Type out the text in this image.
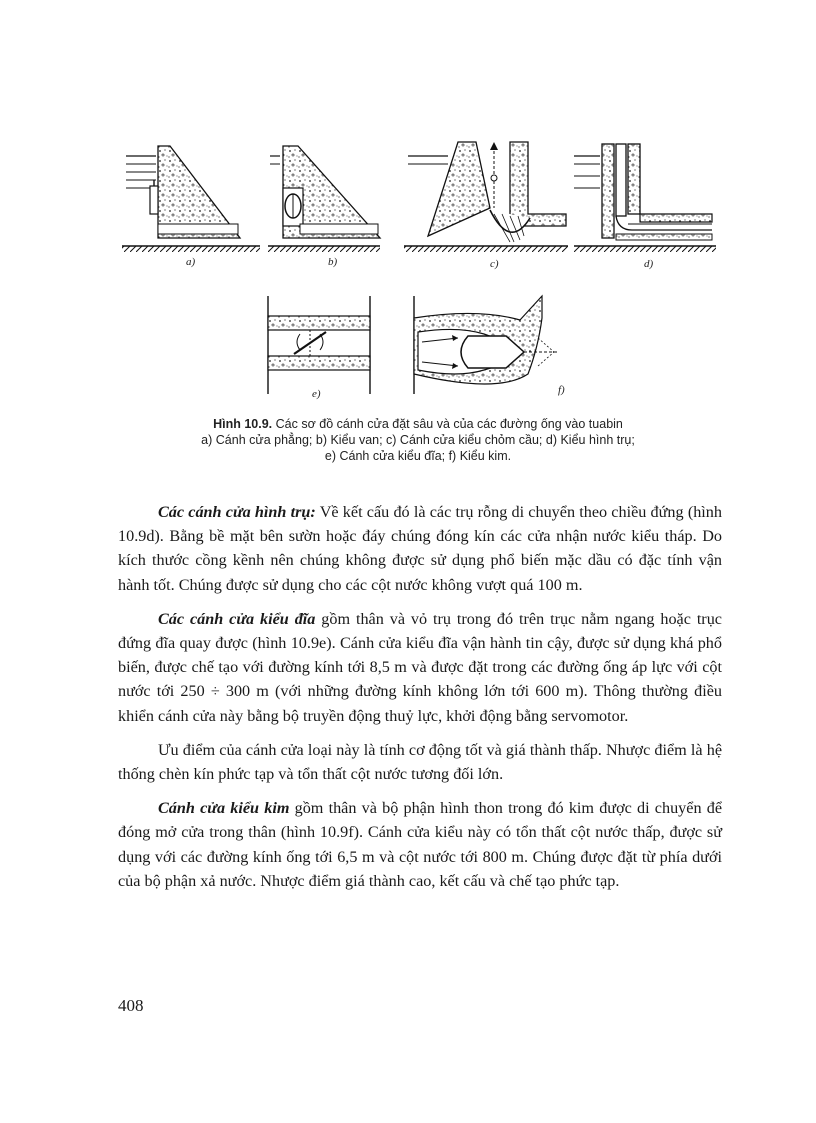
a)	b)	c)	d)
e)	f)
Hình 10.9. Các sơ đồ cánh cửa đặt sâu và của các đường ống vào tuabin
a) Cánh cửa phẳng; b) Kiểu van; c) Cánh cửa kiểu chỏm cầu; d) Kiểu hình trụ;
e) Cánh cửa kiểu đĩa; f) Kiểu kim.

Các cánh cửa hình trụ: Về kết cấu đó là các trụ rỗng di chuyển theo chiều đứng (hình 10.9d). Bằng bề mặt bên sườn hoặc đáy chúng đóng kín các cửa nhận nước kiểu tháp. Do kích thước cồng kềnh nên chúng không được sử dụng phổ biến mặc dầu có đặc tính vận hành tốt. Chúng được sử dụng cho các cột nước không vượt quá 100 m.

Các cánh cửa kiểu đĩa gồm thân và vỏ trụ trong đó trên trục nằm ngang hoặc trục đứng đĩa quay được (hình 10.9e). Cánh cửa kiểu đĩa vận hành tin cậy, được sử dụng khá phổ biến, được chế tạo với đường kính tới 8,5 m và được đặt trong các đường ống áp lực với cột nước tới 250 ÷ 300 m (với những đường kính không lớn tới 600 m). Thông thường điều khiển cánh cửa này bằng bộ truyền động thuỷ lực, khởi động bằng servomotor.

Ưu điểm của cánh cửa loại này là tính cơ động tốt và giá thành thấp. Nhược điểm là hệ thống chèn kín phức tạp và tổn thất cột nước tương đối lớn.

Cánh cửa kiểu kim gồm thân và bộ phận hình thon trong đó kim được di chuyển để đóng mở cửa trong thân (hình 10.9f). Cánh cửa kiểu này có tổn thất cột nước thấp, được sử dụng với các đường kính ống tới 6,5 m và cột nước tới 800 m. Chúng được đặt từ phía dưới của bộ phận xả nước. Nhược điểm giá thành cao, kết cấu và chế tạo phức tạp.

408
